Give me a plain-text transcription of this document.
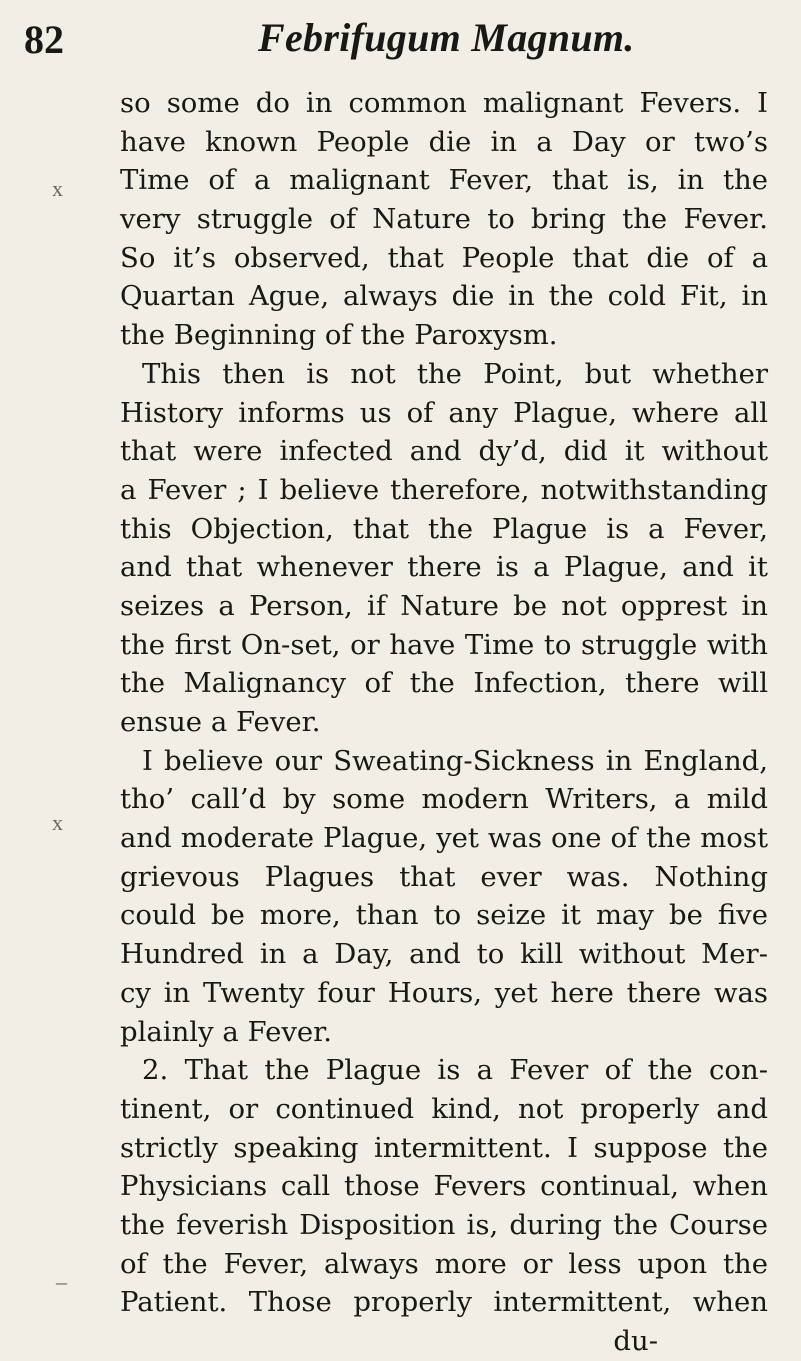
82	Febrifugum Magnum.
x
x
–
so some do in common malignant Fevers. I
have known People die in a Day or two’s
Time of a malignant Fever, that is, in the
very struggle of Nature to bring the Fever.
So it’s observed, that People that die of a
Quartan Ague, always die in the cold Fit, in
the Beginning of the Paroxysm.
This then is not the Point, but whether
History informs us of any Plague, where all
that were infected and dy’d, did it without
a Fever ; I believe therefore, notwithstanding
this Objection, that the Plague is a Fever,
and that whenever there is a Plague, and it
seizes a Person, if Nature be not opprest in
the first On-set, or have Time to struggle with
the Malignancy of the Infection, there will
ensue a Fever.
I believe our Sweating-Sickness in England,
tho’ call’d by some modern Writers, a mild
and moderate Plague, yet was one of the most
grievous Plagues that ever was. Nothing
could be more, than to seize it may be five
Hundred in a Day, and to kill without Mer-
cy in Twenty four Hours, yet here there was
plainly a Fever.
2. That the Plague is a Fever of the con-
tinent, or continued kind, not properly and
strictly speaking intermittent. I suppose the
Physicians call those Fevers continual, when
the feverish Disposition is, during the Course
of the Fever, always more or less upon the
Patient. Those properly intermittent, when
du-
